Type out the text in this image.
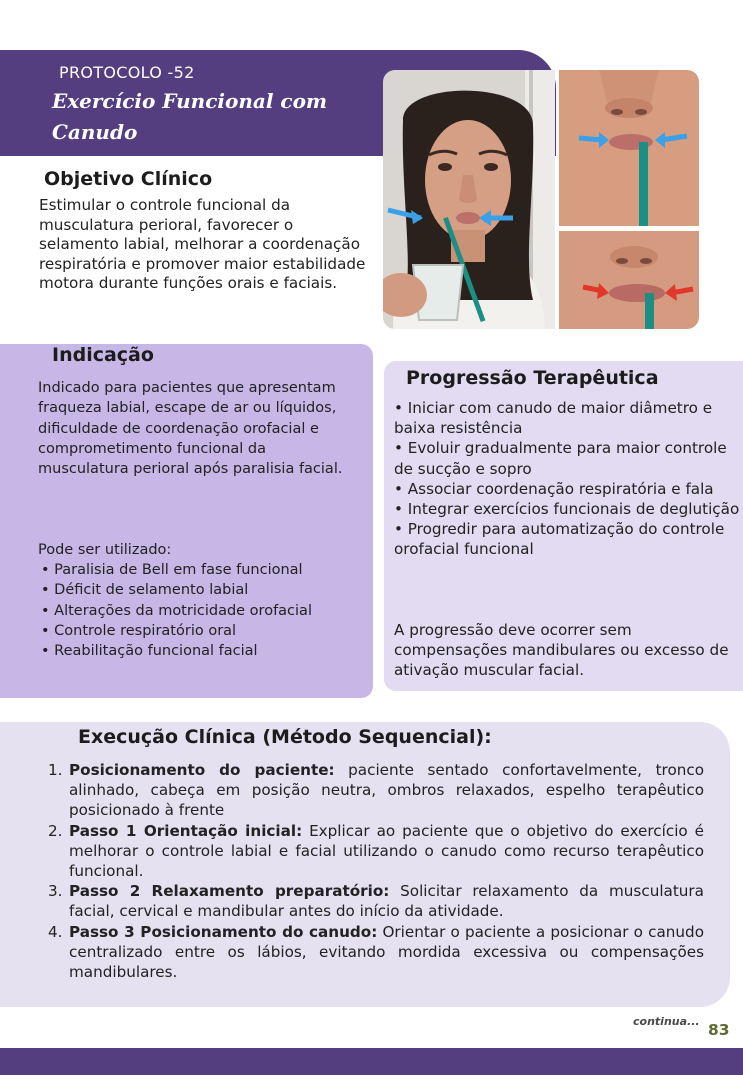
PROTOCOLO -52
Exercício Funcional com
Canudo
Objetivo Clínico
Estimular o controle funcional da musculatura perioral, favorecer o selamento labial, melhorar a coordenação respiratória e promover maior estabilidade motora durante funções orais e faciais.
Indicação

Indicado para pacientes que apresentam fraqueza labial, escape de ar ou líquidos, dificuldade de coordenação orofacial e comprometimento funcional da musculatura perioral após paralisia facial.

Pode ser utilizado:
• Paralisia de Bell em fase funcional
• Déficit de selamento labial
• Alterações da motricidade orofacial
• Controle respiratório oral
• Reabilitação funcional facial
Progressão Terapêutica
• Iniciar com canudo de maior diâmetro e baixa resistência
• Evoluir gradualmente para maior controle de sucção e sopro
• Associar coordenação respiratória e fala
• Integrar exercícios funcionais de deglutição
• Progredir para automatização do controle orofacial funcional
A progressão deve ocorrer sem compensações mandibulares ou excesso de ativação muscular facial.
Execução Clínica (Método Sequencial):
1. Posicionamento do paciente: paciente sentado confortavelmente, tronco alinhado, cabeça em posição neutra, ombros relaxados, espelho terapêutico posicionado à frente
2. Passo 1 Orientação inicial: Explicar ao paciente que o objetivo do exercício é melhorar o controle labial e facial utilizando o canudo como recurso terapêutico funcional.
3. Passo 2 Relaxamento preparatório: Solicitar relaxamento da musculatura facial, cervical e mandibular antes do início da atividade.
4. Passo 3 Posicionamento do canudo: Orientar o paciente a posicionar o canudo centralizado entre os lábios, evitando mordida excessiva ou compensações mandibulares.
continua... 83
